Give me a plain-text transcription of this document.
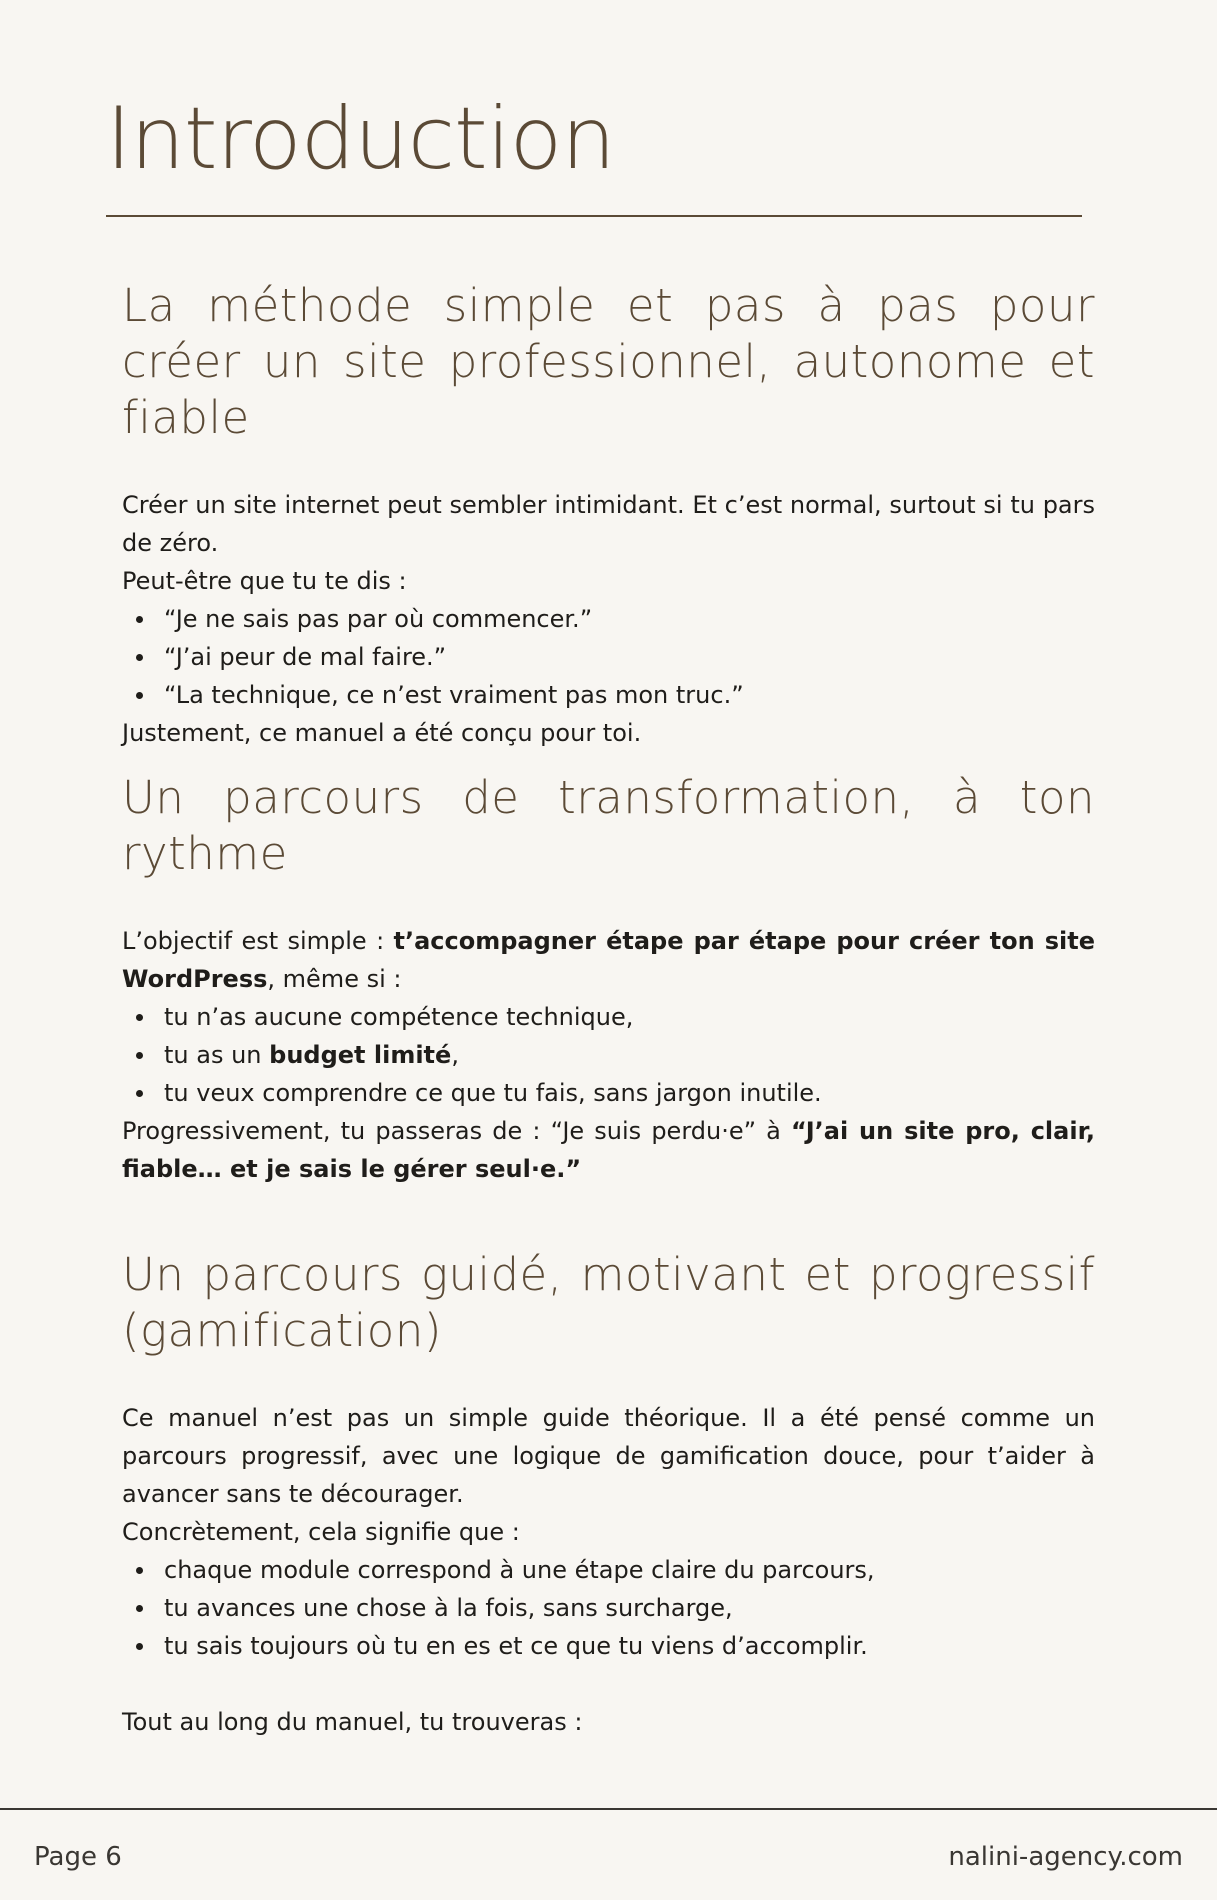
Introduction
La méthode simple et pas à pas pour créer un site professionnel, autonome et fiable

Créer un site internet peut sembler intimidant. Et c’est normal, surtout si tu pars de zéro.

Peut-être que tu te dis :

“Je ne sais pas par où commencer.”
“J’ai peur de mal faire.”
“La technique, ce n’est vraiment pas mon truc.”

Justement, ce manuel a été conçu pour toi.

Un parcours de transformation, à ton rythme

L’objectif est simple : t’accompagner étape par étape pour créer ton site WordPress, même si :

tu n’as aucune compétence technique,
tu as un budget limité,
tu veux comprendre ce que tu fais, sans jargon inutile.

Progressivement, tu passeras de : “Je suis perdu·e” à “J’ai un site pro, clair, fiable… et je sais le gérer seul·e.”

Un parcours guidé, motivant et progressif (gamification)

Ce manuel n’est pas un simple guide théorique. Il a été pensé comme un parcours progressif, avec une logique de gamification douce, pour t’aider à avancer sans te décourager.

Concrètement, cela signifie que :

chaque module correspond à une étape claire du parcours,
tu avances une chose à la fois, sans surcharge,
tu sais toujours où tu en es et ce que tu viens d’accomplir.

Tout au long du manuel, tu trouveras :

Page 6	nalini-agency.com
